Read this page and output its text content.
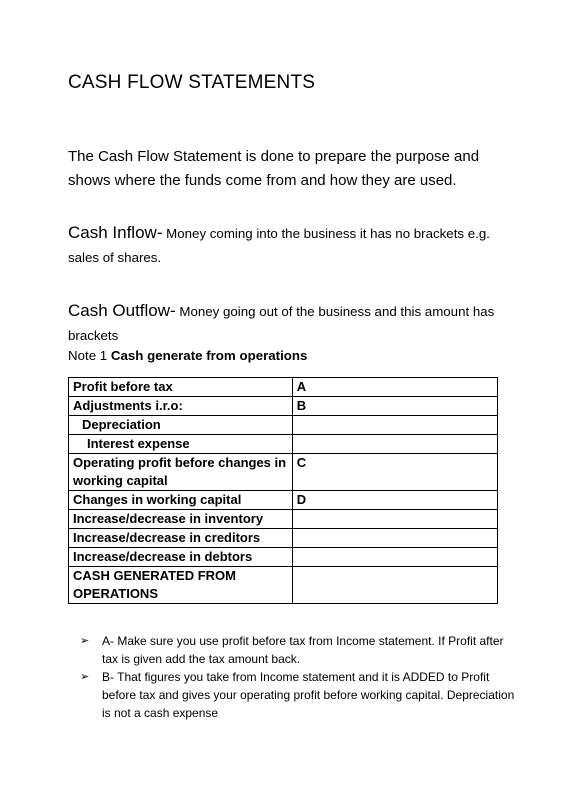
CASH FLOW STATEMENTS
The Cash Flow Statement is done to prepare the purpose and shows where the funds come from and how they are used.
Cash Inflow- Money coming into the business it has no brackets e.g. sales of shares.
Cash Outflow- Money going out of the business and this amount has brackets
Note 1 Cash generate from operations
Profit before tax	A
Adjustments i.r.o:	B
Depreciation	
Interest expense	
Operating profit before changes in working capital	C
Changes in working capital	D
Increase/decrease in inventory	
Increase/decrease in creditors	
Increase/decrease in debtors	
CASH GENERATED FROM OPERATIONS	
➢ A- Make sure you use profit before tax from Income statement. If Profit after tax is given add the tax amount back.
➢ B- That figures you take from Income statement and it is ADDED to Profit before tax and gives your operating profit before working capital. Depreciation is not a cash expense
